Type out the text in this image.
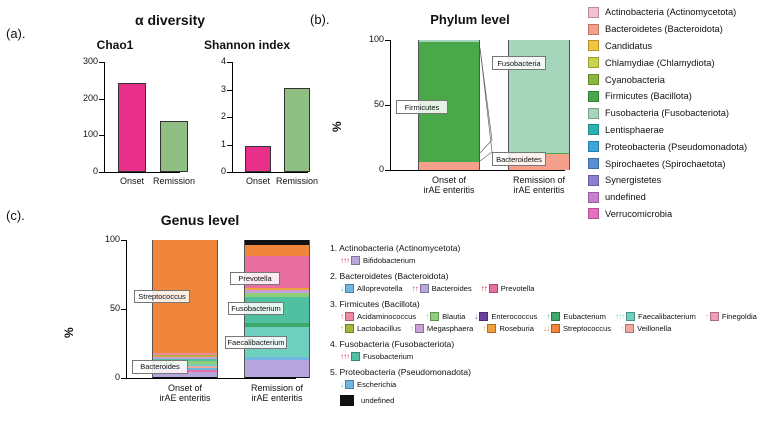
(a).
α diversity
Chao1
0
100
200
300
Onset Remission
Shannon index
0
1
2
3
4
Onset Remission
(b).	Phylum level
0
50
100
Onset of
irAE enteritis
Remission of
irAE enteritis
Firmicutes
Fusobacteria
Bacteroidetes
%
(c).	Genus level
0
50
100
Onset of
irAE enteritis
Remission of
irAE enteritis
Streptococcus
Bacteroides
Prevotella
Fusobacterium
Faecalibacterium
%
Actinobacteria (Actinomycetota)
Bacteroidetes (Bacteroidota)
Candidatus
Chlamydiae (Chlamydiota)
Cyanobacteria
Firmicutes (Bacillota)
Fusobacteria (Fusobacteriota)
Lentisphaerae
Proteobacteria (Pseudomonadota)
Spirochaetes (Spirochaetota)
Synergistetes
undefined
Verrucomicrobia
1. Actinobacteria (Actinomycetota)
↑↑↑ Bifidobacterium
2. Bacteroidetes (Bacteroidota)
↓ Alloprevotella ↑↑ Bacteroides ↑↑ Prevotella
3. Firmicutes (Bacillota)
↑ Acidaminococcus ↑ Blautia ↓ Enterococcus ↑ Eubacterium ↑↑↑ Faecalibacterium ↑ Finegoldia
↑ Lactobacillus ↑ Megasphaera ↑ Roseburia ↓↓ Streptococcus ↑ Veillonella
4. Fusobacteria (Fusobacteriota)
↑↑↑ Fusobacterium
5. Proteobacteria (Pseudomonadota)
↓ Escherichia
undefined
